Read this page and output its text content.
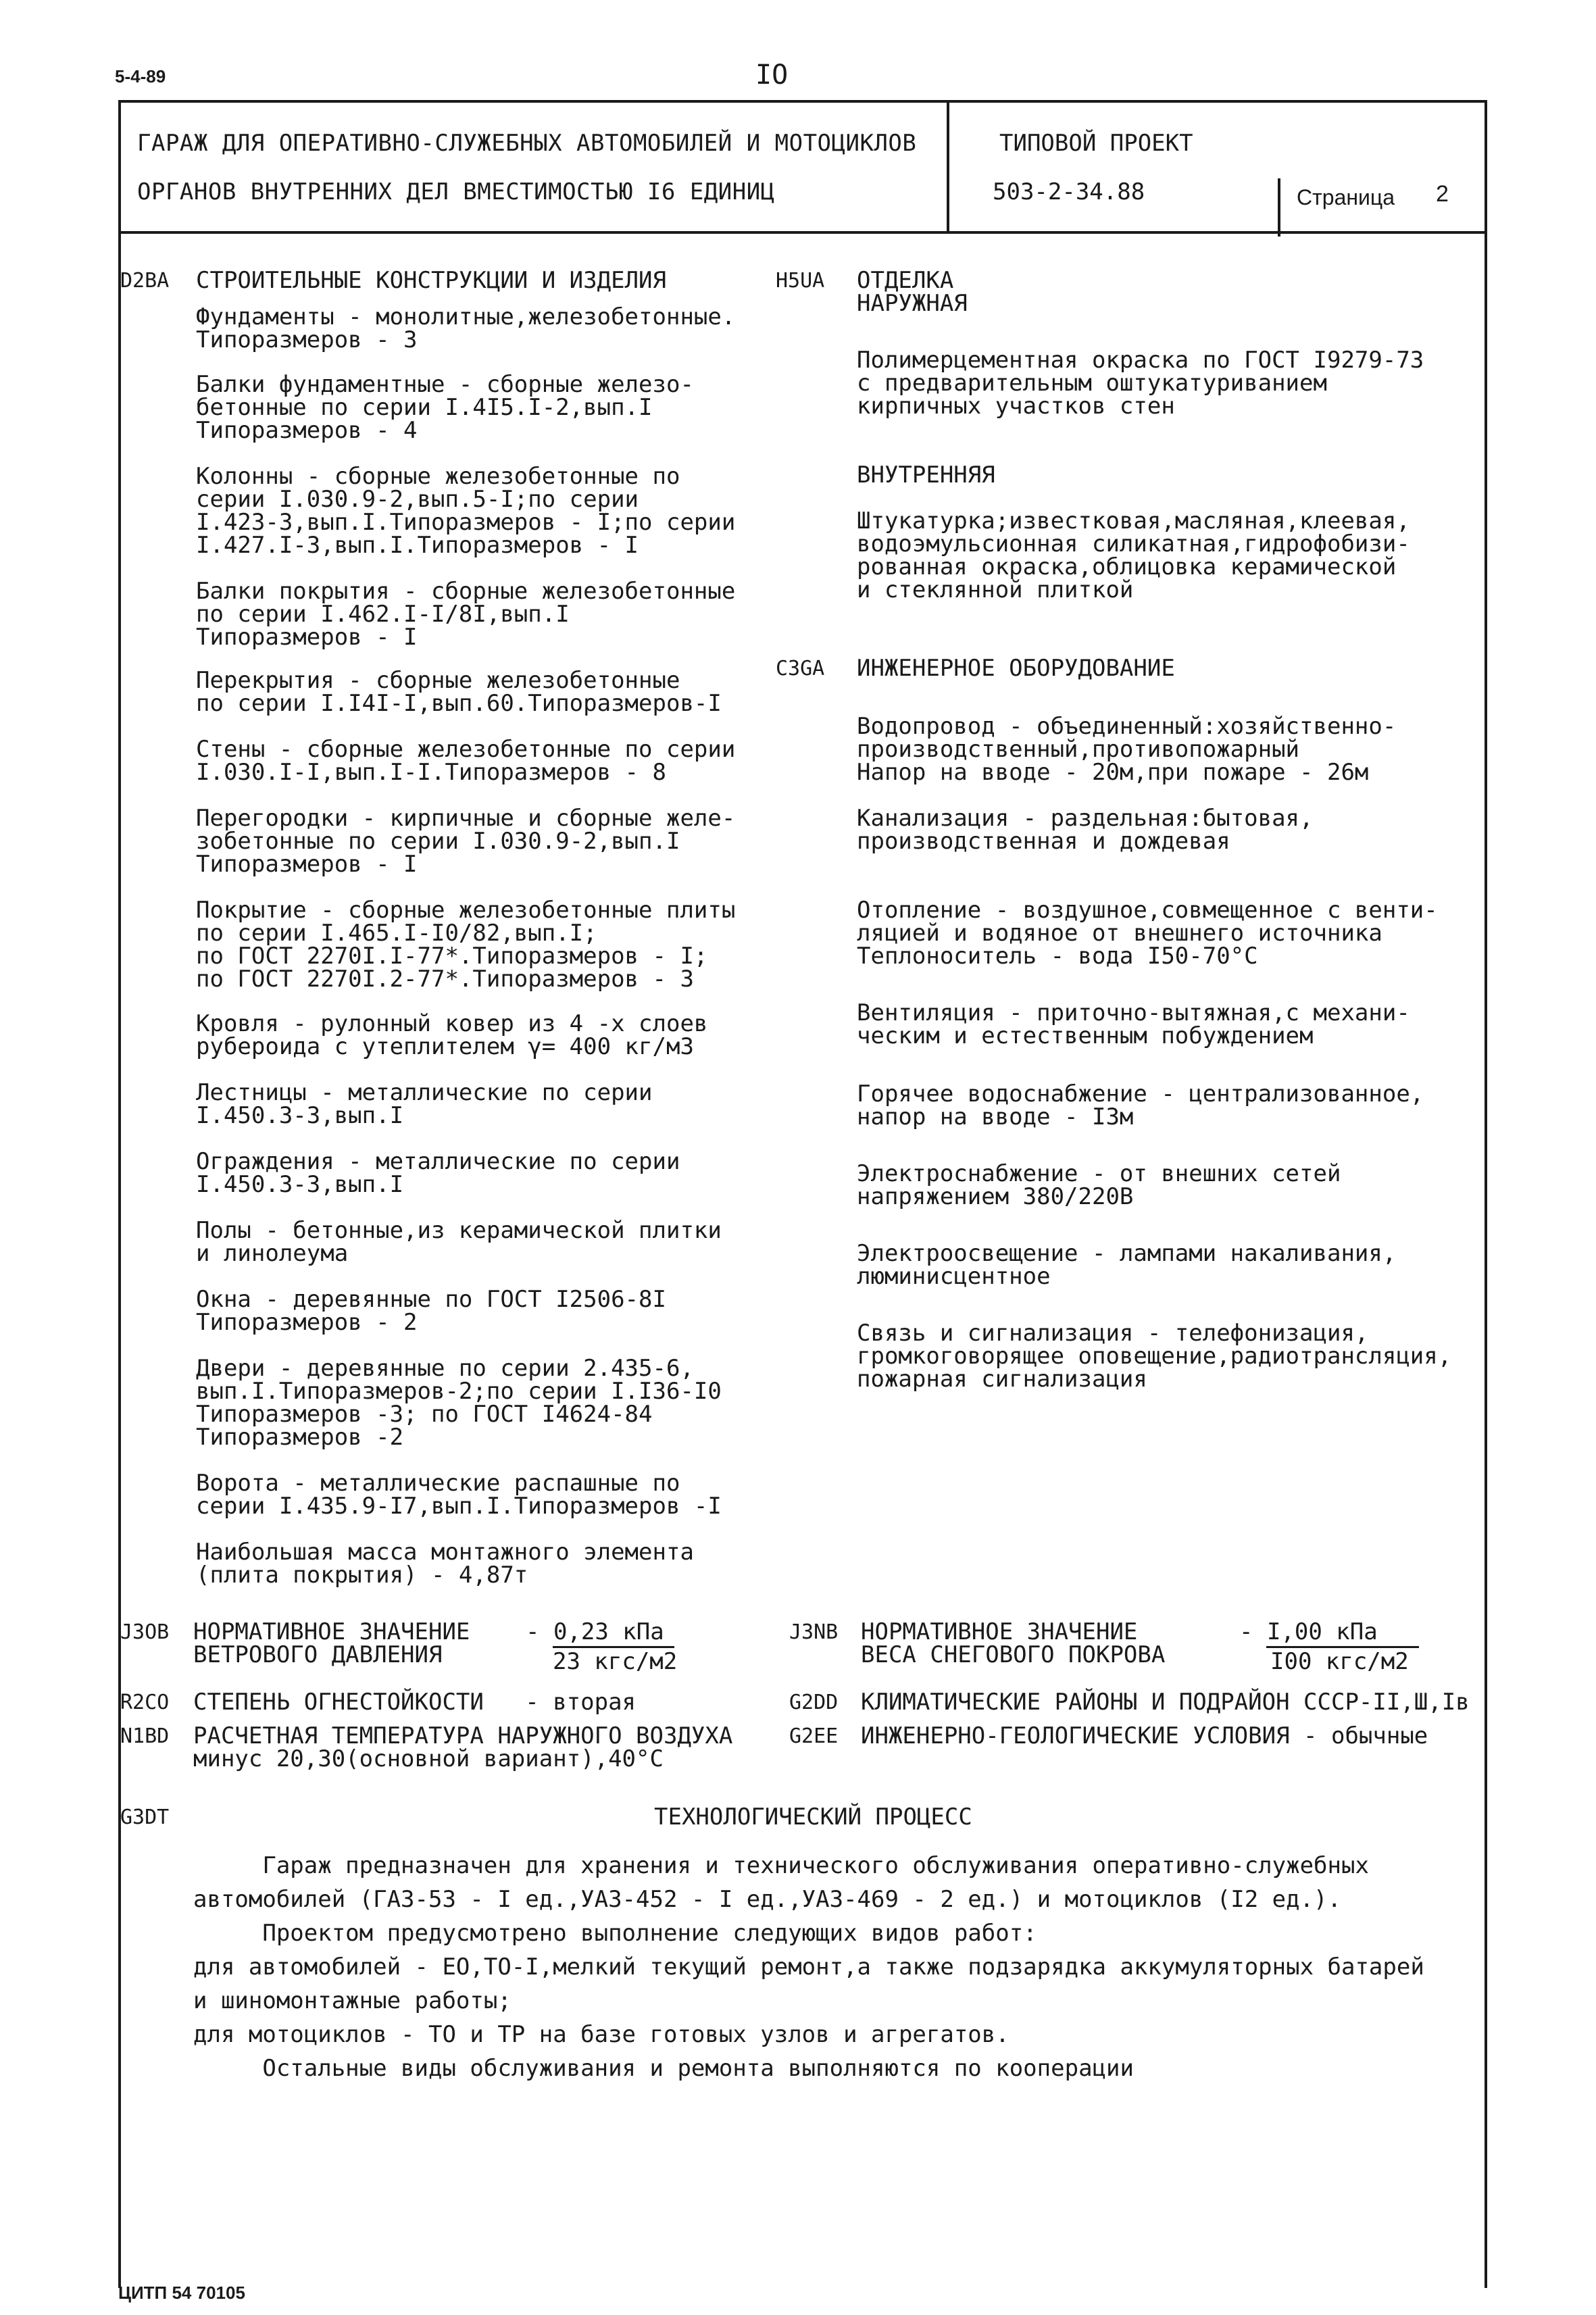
5-4-89	IO
ГАРАЖ ДЛЯ ОПЕРАТИВНО-СЛУЖЕБНЫХ АВТОМОБИЛЕЙ И МОТОЦИКЛОВ
ОРГАНОВ ВНУТРЕННИХ ДЕЛ ВМЕСТИМОСТЬЮ I6 ЕДИНИЦ
ТИПОВОЙ ПРОЕКТ
503-2-34.88	Страница 2
D2BA СТРОИТЕЛЬНЫЕ КОНСТРУКЦИИ И ИЗДЕЛИЯ
Фундаменты - монолитные,железобетонные.
Типоразмеров - 3
Балки фундаментные - сборные железо-
бетонные по серии I.4I5.I-2,вып.I
Типоразмеров - 4
Колонны - сборные железобетонные по
серии I.030.9-2,вып.5-I;по серии
I.423-3,вып.I.Типоразмеров - I;по серии
I.427.I-3,вып.I.Типоразмеров - I
Балки покрытия - сборные железобетонные
по серии I.462.I-I/8I,вып.I
Типоразмеров - I
Перекрытия - сборные железобетонные
по серии I.I4I-I,вып.60.Типоразмеров-I
Стены - сборные железобетонные по серии
I.030.I-I,вып.I-I.Типоразмеров - 8
Перегородки - кирпичные и сборные желе-
зобетонные по серии I.030.9-2,вып.I
Типоразмеров - I
Покрытие - сборные железобетонные плиты
по серии I.465.I-I0/82,вып.I;
по ГОСТ 2270I.I-77*.Типоразмеров - I;
по ГОСТ 2270I.2-77*.Типоразмеров - 3
Кровля - рулонный ковер из 4 -х слоев
рубероида с утеплителем γ= 400 кг/м3
Лестницы - металлические по серии
I.450.3-3,вып.I
Ограждения - металлические по серии
I.450.3-3,вып.I
Полы - бетонные,из керамической плитки
и линолеума
Окна - деревянные по ГОСТ I2506-8I
Типоразмеров - 2
Двери - деревянные по серии 2.435-6,
вып.I.Типоразмеров-2;по серии I.I36-I0
Типоразмеров -3; по ГОСТ I4624-84
Типоразмеров -2
Ворота - металлические распашные по
серии I.435.9-I7,вып.I.Типоразмеров -I
Наибольшая масса монтажного элемента
(плита покрытия) - 4,87т
H5UA ОТДЕЛКА
НАРУЖНАЯ
Полимерцементная окраска по ГОСТ I9279-73
с предварительным оштукатуриванием
кирпичных участков стен
ВНУТРЕННЯЯ
Штукатурка;известковая,масляная,клеевая,
водоэмульсионная силикатная,гидрофобизи-
рованная окраска,облицовка керамической
и стеклянной плиткой
C3GA ИНЖЕНЕРНОЕ ОБОРУДОВАНИЕ
Водопровод - объединенный:хозяйственно-
производственный,противопожарный
Напор на вводе - 20м,при пожаре - 26м
Канализация - раздельная:бытовая,
производственная и дождевая
Отопление - воздушное,совмещенное с венти-
ляцией и водяное от внешнего источника
Теплоноситель - вода I50-70°C
Вентиляция - приточно-вытяжная,с механи-
ческим и естественным побуждением
Горячее водоснабжение - централизованное,
напор на вводе - I3м
Электроснабжение - от внешних сетей
напряжением 380/220В
Электроосвещение - лампами накаливания,
люминисцентное
Связь и сигнализация - телефонизация,
громкоговорящее оповещение,радиотрансляция,
пожарная сигнализация
J3OB НОРМАТИВНОЕ ЗНАЧЕНИЕ
ВЕТРОВОГО ДАВЛЕНИЯ
- 0,23 кПа
23 кгс/м2
J3NB НОРМАТИВНОЕ ЗНАЧЕНИЕ
ВЕСА СНЕГОВОГО ПОКРОВА
- I,00 кПа
I00 кгс/м2
R2CO СТЕПЕНЬ ОГНЕСТОЙКОСТИ   - вторая	G2DD КЛИМАТИЧЕСКИЕ РАЙОНЫ И ПОДРАЙОН СССР-II,Ш,Iв
N1BD РАСЧЕТНАЯ ТЕМПЕРАТУРА НАРУЖНОГО ВОЗДУХА
минус 20,30(основной вариант),40°C
G2EE ИНЖЕНЕРНО-ГЕОЛОГИЧЕСКИЕ УСЛОВИЯ - обычные
G3DT	ТЕХНОЛОГИЧЕСКИЙ ПРОЦЕСС
Гараж предназначен для хранения и технического обслуживания оперативно-служебных
автомобилей (ГАЗ-53 - I ед.,УАЗ-452 - I ед.,УАЗ-469 - 2 ед.) и мотоциклов (I2 ед.).
Проектом предусмотрено выполнение следующих видов работ:
для автомобилей - ЕО,ТО-I,мелкий текущий ремонт,а также подзарядка аккумуляторных батарей
и шиномонтажные работы;
для мотоциклов - ТО и ТР на базе готовых узлов и агрегатов.
Остальные виды обслуживания и ремонта выполняются по кооперации
ЦИТП 54 70105
